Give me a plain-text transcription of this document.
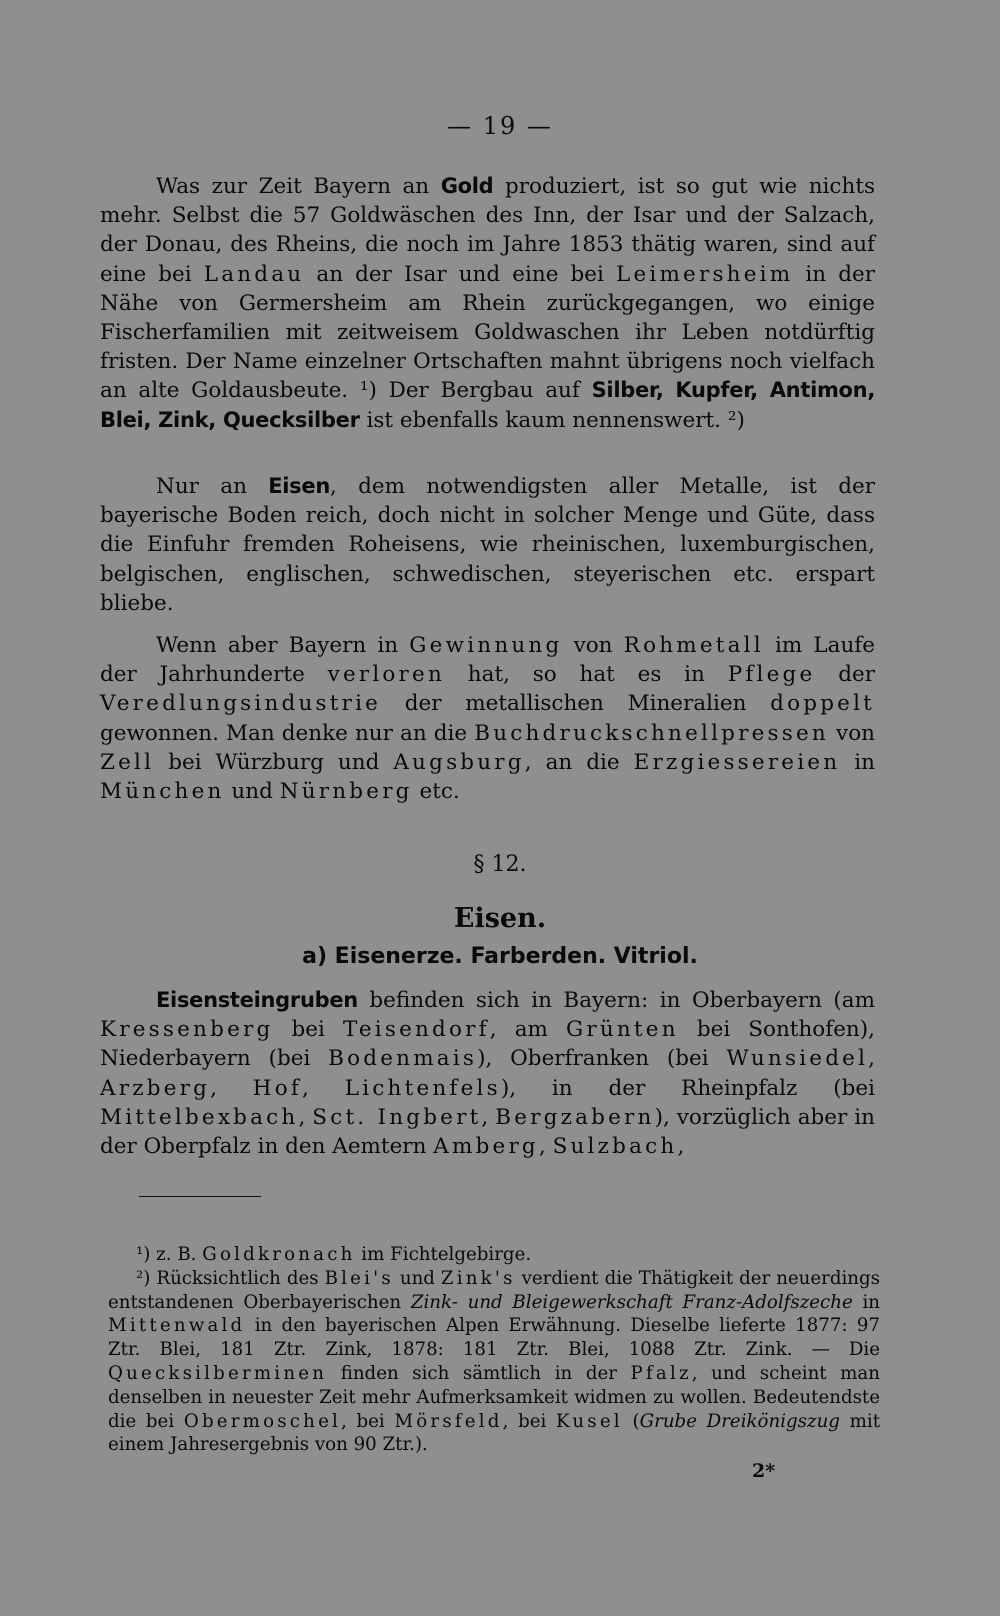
— 19 —

Was zur Zeit Bayern an Gold produziert, ist so gut wie nichts mehr. Selbst die 57 Goldwäschen des Inn, der Isar und der Salzach, der Donau, des Rheins, die noch im Jahre 1853 thätig waren, sind auf eine bei Landau an der Isar und eine bei Leimersheim in der Nähe von Germersheim am Rhein zurückgegangen, wo einige Fischerfamilien mit zeitweisem Goldwaschen ihr Leben notdürftig fristen. Der Name einzelner Ortschaften mahnt übrigens noch vielfach an alte Goldausbeute. ¹) Der Bergbau auf Silber, Kupfer, Antimon, Blei, Zink, Quecksilber ist ebenfalls kaum nennenswert. ²)

Nur an Eisen, dem notwendigsten aller Metalle, ist der bayerische Boden reich, doch nicht in solcher Menge und Güte, dass die Einfuhr fremden Roheisens, wie rheinischen, luxemburgischen, belgischen, englischen, schwedischen, steyerischen etc. erspart bliebe.

Wenn aber Bayern in Gewinnung von Rohmetall im Laufe der Jahrhunderte verloren hat, so hat es in Pflege der Veredlungsindustrie der metallischen Mineralien doppelt gewonnen. Man denke nur an die Buchdruckschnellpressen von Zell bei Würzburg und Augsburg, an die Erzgiessereien in München und Nürnberg etc.

§ 12.
Eisen.
a) Eisenerze. Farberden. Vitriol.

Eisensteingruben befinden sich in Bayern: in Oberbayern (am Kressenberg bei Teisendorf, am Grünten bei Sonthofen), Niederbayern (bei Bodenmais), Oberfranken (bei Wunsiedel, Arzberg, Hof, Lichtenfels), in der Rheinpfalz (bei Mittelbexbach, Sct. Ingbert, Bergzabern), vorzüglich aber in der Oberpfalz in den Aemtern Amberg, Sulzbach,

¹) z. B. Goldkronach im Fichtelgebirge.

²) Rücksichtlich des Blei's und Zink's verdient die Thätigkeit der neuerdings entstandenen Oberbayerischen Zink- und Bleigewerkschaft Franz-Adolfszeche in Mittenwald in den bayerischen Alpen Erwähnung. Dieselbe lieferte 1877: 97 Ztr. Blei, 181 Ztr. Zink, 1878: 181 Ztr. Blei, 1088 Ztr. Zink. — Die Quecksilberminen finden sich sämtlich in der Pfalz, und scheint man denselben in neuester Zeit mehr Aufmerksamkeit widmen zu wollen. Bedeutendste die bei Obermoschel, bei Mörsfeld, bei Kusel (Grube Dreikönigszug mit einem Jahresergebnis von 90 Ztr.).

2*
